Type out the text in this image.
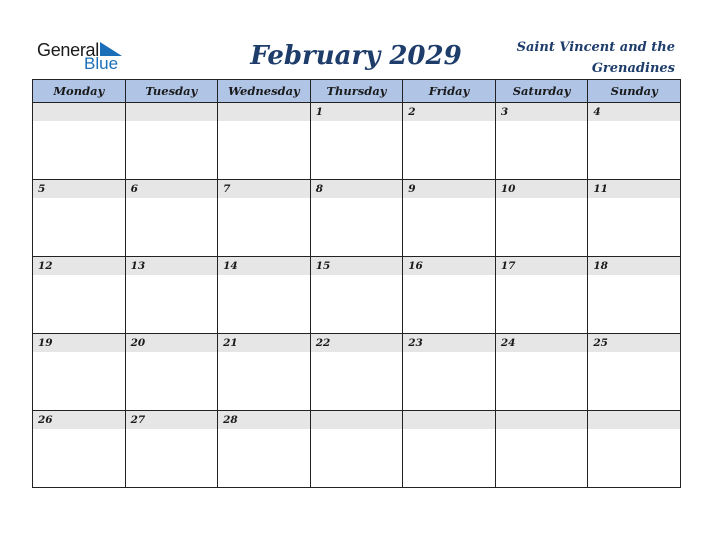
General
Blue	February 2029	Saint Vincent and the Grenadines
Monday	Tuesday	Wednesday	Thursday	Friday	Saturday	Sunday

			1	2	3	4

5	6	7	8	9	10	11

12	13	14	15	16	17	18

19	20	21	22	23	24	25

26	27	28				
